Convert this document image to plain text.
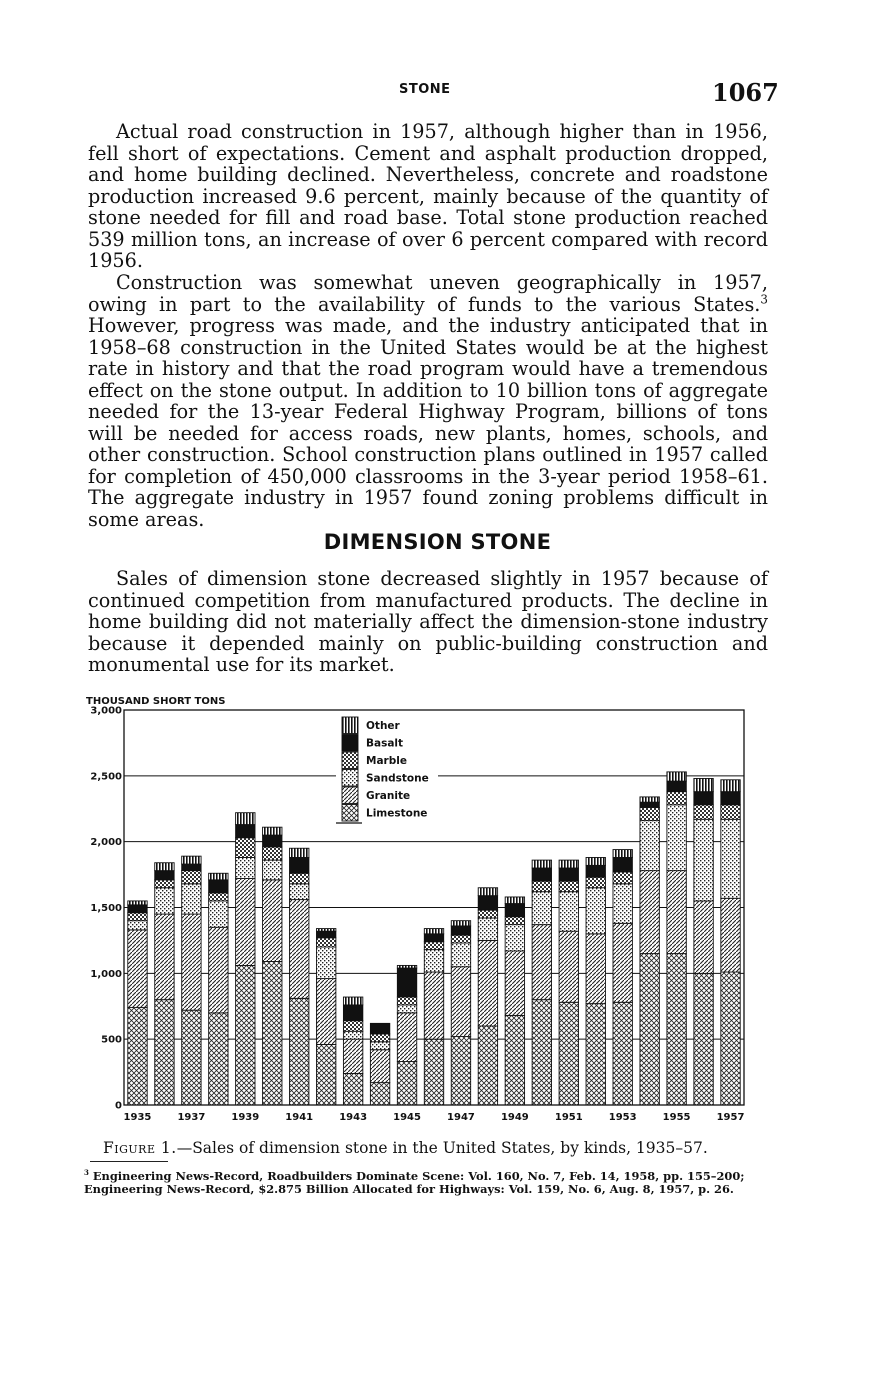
STONE	1067

Actual road construction in 1957, although higher than in 1956, fell short of expectations. Cement and asphalt production dropped, and home building declined. Nevertheless, concrete and roadstone production increased 9.6 percent, mainly because of the quantity of stone needed for fill and road base. Total stone production reached 539 million tons, an increase of over 6 percent compared with record 1956.

Construction was somewhat uneven geographically in 1957, owing in part to the availability of funds to the various States.$^3$ However, progress was made, and the industry anticipated that in 1958–68 construction in the United States would be at the highest rate in history and that the road program would have a tremendous effect on the stone output. In addition to 10 billion tons of aggregate needed for the 13-year Federal Highway Program, billions of tons will be needed for access roads, new plants, homes, schools, and other construction. School construction plans outlined in 1957 called for completion of 450,000 classrooms in the 3-year period 1958–61. The aggregate industry in 1957 found zoning problems difficult in some areas.

DIMENSION STONE

Sales of dimension stone decreased slightly in 1957 because of continued competition from manufactured products. The decline in home building did not materially affect the dimension-stone industry because it depended mainly on public-building construction and monumental use for its market.

Other
Basalt
Marble
Sandstone
Granite
Limestone
0
500
1,000
1,500
2,000
2,500
3,000
THOUSAND SHORT TONS
1935	1937	1939	1941	1943	1945	1947	1949	1951	1953	1955	1957
Figure 1.—Sales of dimension stone in the United States, by kinds, 1935–57.
$^3$ Engineering News-Record, Roadbuilders Dominate Scene: Vol. 160, No. 7, Feb. 14, 1958, pp. 155–200; Engineering News-Record, $2.875 Billion Allocated for Highways: Vol. 159, No. 6, Aug. 8, 1957, p. 26.
